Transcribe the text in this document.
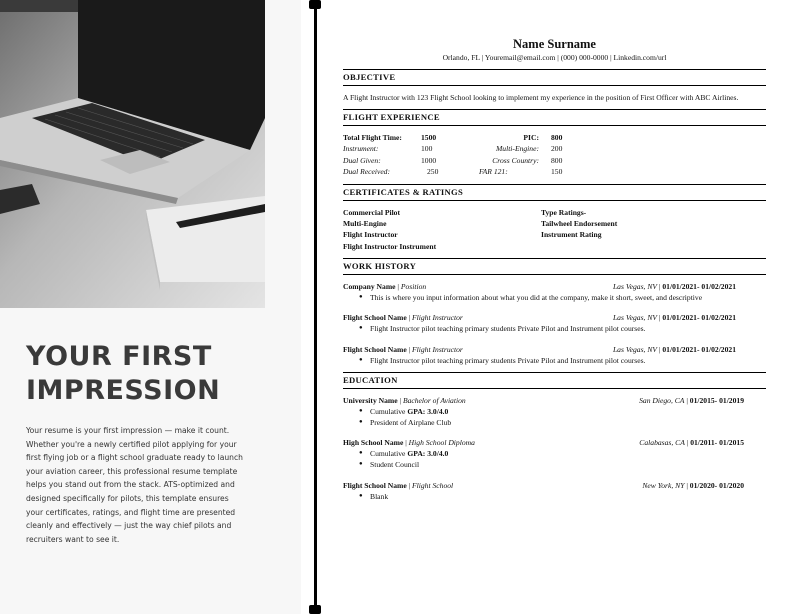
YOUR FIRST
IMPRESSION
Your resume is your first impression — make it count. Whether you're a newly certified pilot applying for your first flying job or a flight school graduate ready to launch your aviation career, this professional resume template helps you stand out from the stack. ATS-optimized and designed specifically for pilots, this template ensures your certificates, ratings, and flight time are presented cleanly and effectively — just the way chief pilots and recruiters want to see it.
Name Surname
Orlando, FL | Youremail@email.com | (000) 000-0000 | Linkedin.com/url
OBJECTIVE
A Flight Instructor with 123 Flight School looking to implement my experience in the position of First Officer with ABC Airlines.
FLIGHT EXPERIENCE
Total Flight Time:	1500	PIC:	800
Instrument:	100	Multi-Engine:	200
Dual Given:	1000	Cross Country:	800
Dual Received:	250	FAR 121:	150
CERTIFICATES & RATINGS
Commercial Pilot	Type Ratings-
Multi-Engine	Tailwheel Endorsement
Flight Instructor	Instrument Rating
Flight Instructor Instrument
WORK HISTORY
Company Name | Position	Las Vegas, NV | 01/01/2021- 01/02/2021
● This is where you input information about what you did at the company, make it short, sweet, and descriptive
Flight School Name | Flight Instructor	Las Vegas, NV | 01/01/2021- 01/02/2021
● Flight Instructor pilot teaching primary students Private Pilot and Instrument pilot courses.
Flight School Name | Flight Instructor	Las Vegas, NV | 01/01/2021- 01/02/2021
● Flight Instructor pilot teaching primary students Private Pilot and Instrument pilot courses.
EDUCATION
University Name | Bachelor of Aviation	San Diego, CA | 01/2015- 01/2019
● Cumulative GPA: 3.0/4.0
● President of Airplane Club
High School Name | High School Diploma	Calabasas, CA | 01/2011- 01/2015
● Cumulative GPA: 3.0/4.0
● Student Council
Flight School Name | Flight School	New York, NY | 01/2020- 01/2020
● Blank
